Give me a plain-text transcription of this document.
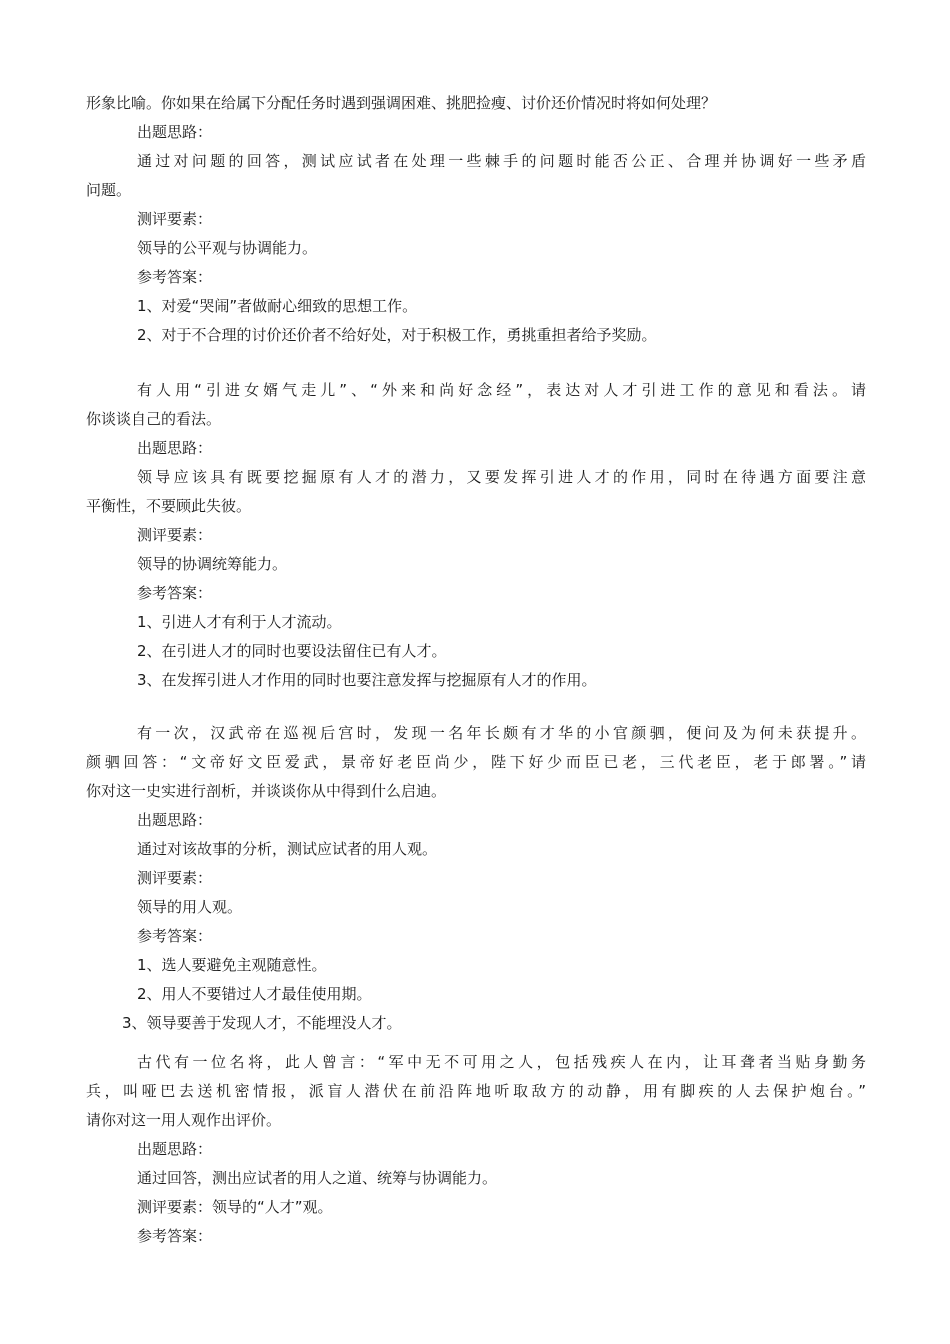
形象比喻。你如果在给属下分配任务时遇到强调困难、挑肥捡瘦、讨价还价情况时将如何处理？
出题思路：
通过对问题的回答，测试应试者在处理一些棘手的问题时能否公正、合理并协调好一些矛盾
问题。
测评要素：
领导的公平观与协调能力。
参考答案：
1、对爱“哭闹”者做耐心细致的思想工作。
2、对于不合理的讨价还价者不给好处，对于积极工作，勇挑重担者给予奖励。
有人用“引进女婿气走儿”、“外来和尚好念经”，表达对人才引进工作的意见和看法。请
你谈谈自己的看法。
出题思路：
领导应该具有既要挖掘原有人才的潜力，又要发挥引进人才的作用，同时在待遇方面要注意
平衡性，不要顾此失彼。
测评要素：
领导的协调统筹能力。
参考答案：
1、引进人才有利于人才流动。
2、在引进人才的同时也要设法留住已有人才。
3、在发挥引进人才作用的同时也要注意发挥与挖掘原有人才的作用。
有一次，汉武帝在巡视后宫时，发现一名年长颇有才华的小官颜驷，便问及为何未获提升。
颜驷回答：“文帝好文臣爱武，景帝好老臣尚少，陛下好少而臣已老，三代老臣，老于郎署。”请
你对这一史实进行剖析，并谈谈你从中得到什么启迪。
出题思路：
通过对该故事的分析，测试应试者的用人观。
测评要素：
领导的用人观。
参考答案：
1、选人要避免主观随意性。
2、用人不要错过人才最佳使用期。
3、领导要善于发现人才，不能埋没人才。
古代有一位名将，此人曾言：“军中无不可用之人，包括残疾人在内，让耳聋者当贴身勤务
兵，叫哑巴去送机密情报，派盲人潜伏在前沿阵地听取敌方的动静，用有脚疾的人去保护炮台。”
请你对这一用人观作出评价。
出题思路：
通过回答，测出应试者的用人之道、统筹与协调能力。
测评要素：领导的“人才”观。
参考答案：
